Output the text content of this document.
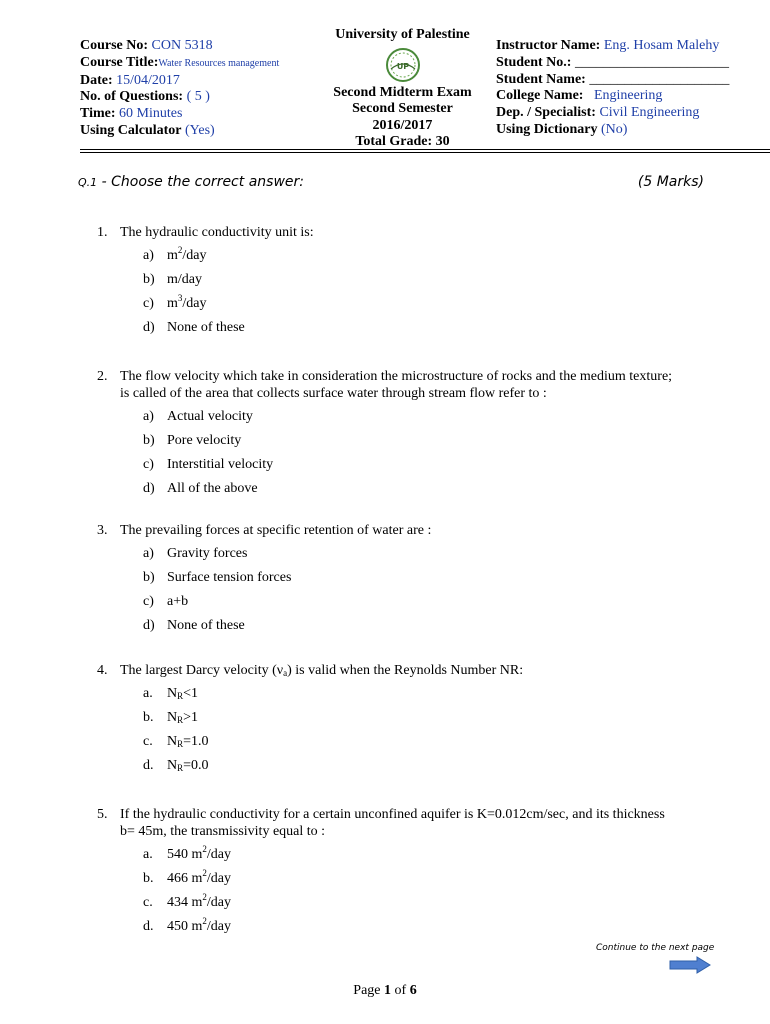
Course No: CON 5318
Course Title:Water Resources management
Date: 15/04/2017
No. of Questions: ( 5 )
Time: 60 Minutes
Using Calculator (Yes)
University of Palestine
UP
Second Midterm Exam
Second Semester
2016/2017
Total Grade: 30
Instructor Name: Eng. Hosam Malehy
Student No.: ______________________
Student Name: ____________________
College Name: Engineering
Dep. / Specialist: Civil Engineering
Using Dictionary (No)
Q.1 - Choose the correct answer:	(5 Marks)
1. The hydraulic conductivity unit is:
a) $m^2$/day
b) m/day
c) $m^3$/day
d) None of these
2. The flow velocity which take in consideration the microstructure of rocks and the medium texture; is called of the area that collects surface water through stream flow refer to :
a) Actual velocity
b) Pore velocity
c) Interstitial velocity
d) All of the above
3. The prevailing forces at specific retention of water are :
a) Gravity forces
b) Surface tension forces
c) a+b
d) None of these
4. The largest Darcy velocity $(\nu_a)$ is valid when the Reynolds Number NR:
a. $N_R<1$
b. $N_R>1$
c. $N_R=1.0$
d. $N_R=0.0$
5. If the hydraulic conductivity for a certain unconfined aquifer is K=0.012cm/sec, and its thickness b= 45m, the transmissivity equal to :
a. 540 $m^2$/day
b. 466 $m^2$/day
c. 434 $m^2$/day
d. 450 $m^2$/day
Continue to the next page
Page 1 of 6
